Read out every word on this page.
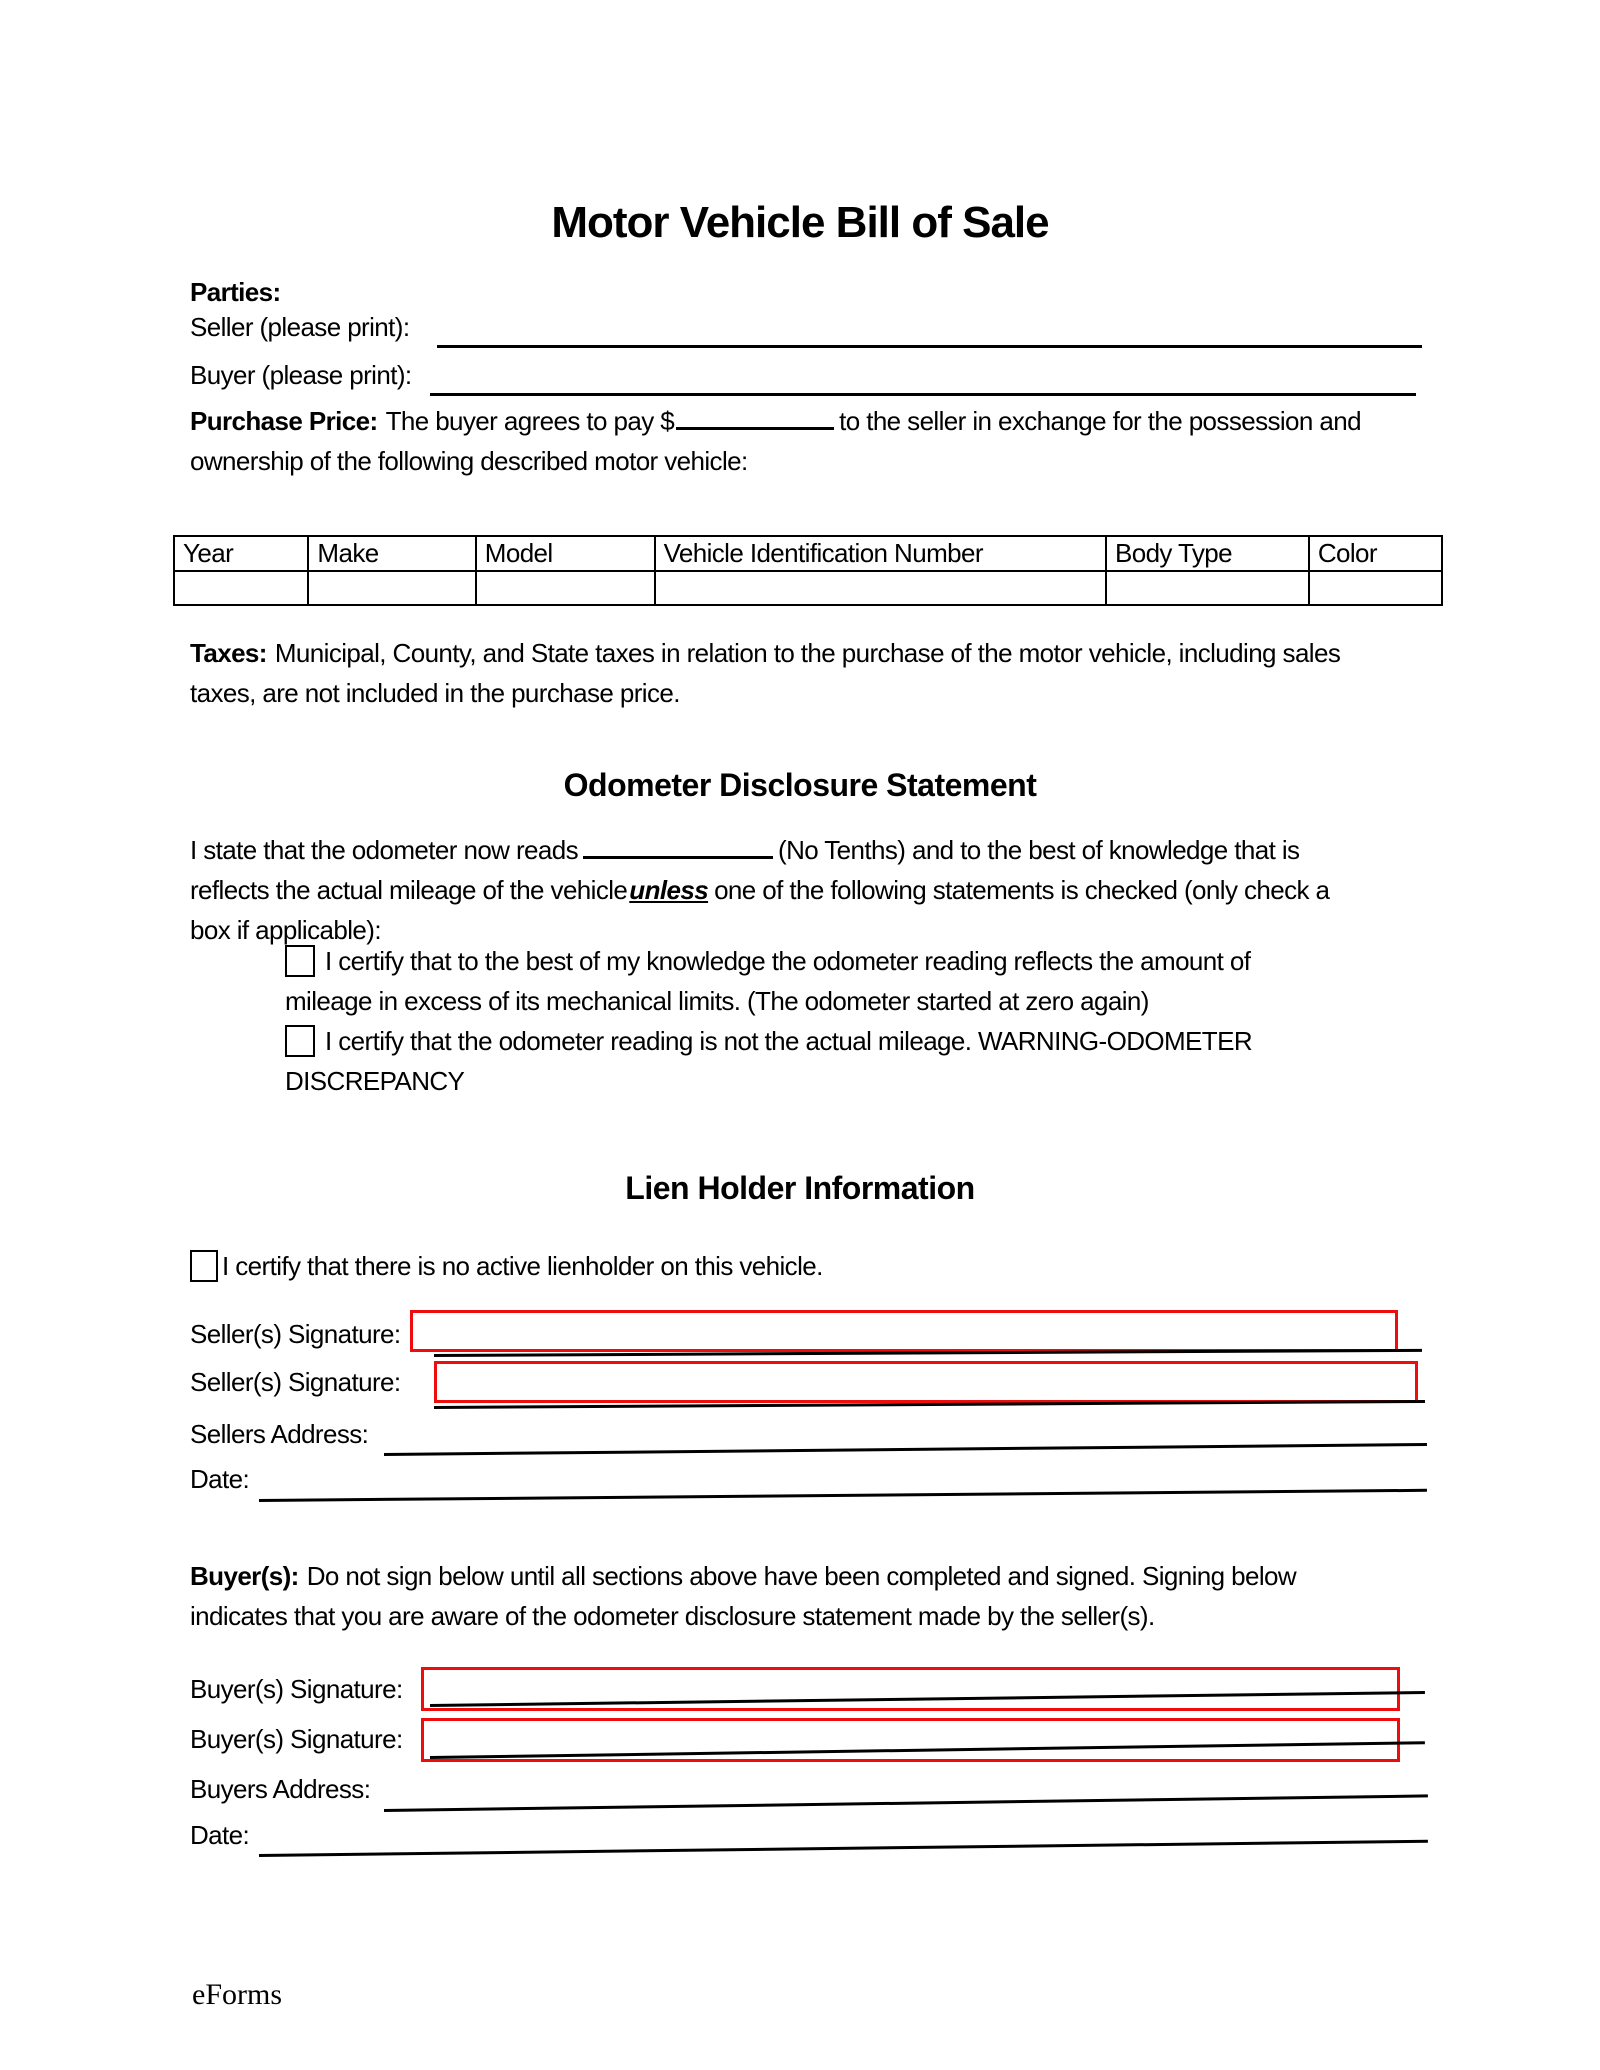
Motor Vehicle Bill of Sale
Parties:
Seller (please print):
Buyer (please print):
Purchase Price: The buyer agrees to pay $	to the seller in exchange for the possession and
ownership of the following described motor vehicle:
Year	Make	Model	Vehicle Identification Number	Body Type	Color

Taxes: Municipal, County, and State taxes in relation to the purchase of the motor vehicle, including sales
taxes, are not included in the purchase price.
Odometer Disclosure Statement
I state that the odometer now reads	(No Tenths) and to the best of knowledge that is
reflects the actual mileage of the vehicleunless one of the following statements is checked (only check a
box if applicable):
I certify that to the best of my knowledge the odometer reading reflects the amount of
mileage in excess of its mechanical limits. (The odometer started at zero again)
I certify that the odometer reading is not the actual mileage. WARNING-ODOMETER
DISCREPANCY
Lien Holder Information
I certify that there is no active lienholder on this vehicle.
Seller(s) Signature:
Seller(s) Signature:
Sellers Address:
Date:
Buyer(s): Do not sign below until all sections above have been completed and signed. Signing below
indicates that you are aware of the odometer disclosure statement made by the seller(s).
Buyer(s) Signature:
Buyer(s) Signature:
Buyers Address:
Date:
eForms
